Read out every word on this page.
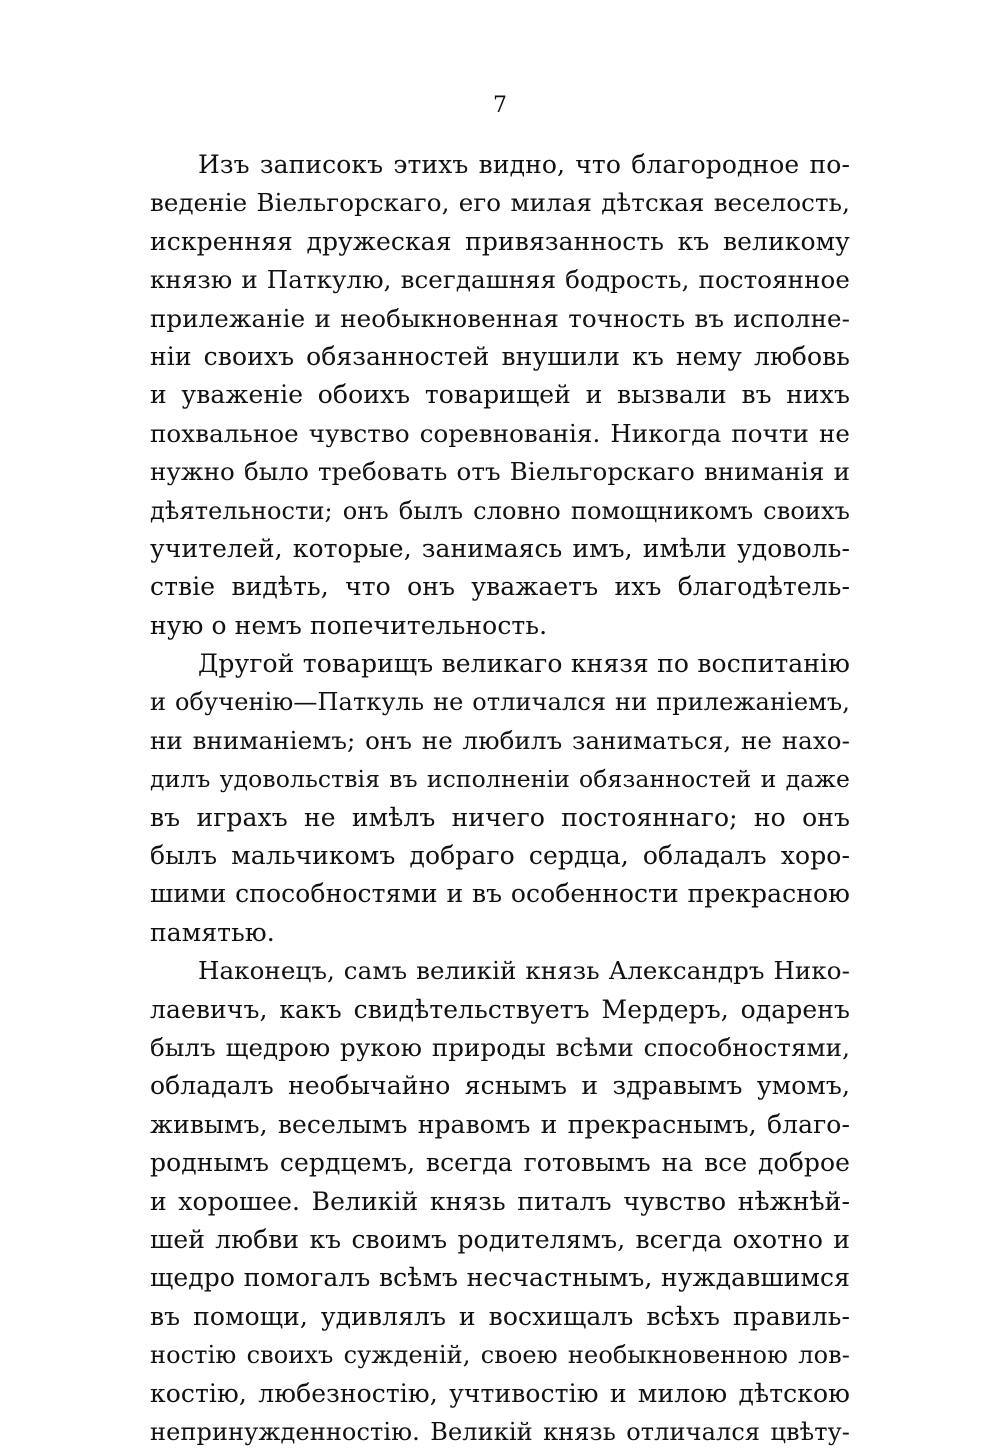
7
Изъ записокъ этихъ видно, что благородное по-
веденіе Віельгорскаго, его милая дѣтская веселость,
искренняя дружеская привязанность къ великому
князю и Паткулю, всегдашняя бодрость, постоянное
прилежаніе и необыкновенная точность въ исполне-
ніи своихъ обязанностей внушили къ нему любовь
и уваженіе обоихъ товарищей и вызвали въ нихъ
похвальное чувство соревнованія. Никогда почти не
нужно было требовать отъ Віельгорскаго вниманія и
дѣятельности; онъ былъ словно помощникомъ своихъ
учителей, которые, занимаясь имъ, имѣли удоволь-
ствіе видѣть, что онъ уважаетъ ихъ благодѣтель-
ную о немъ попечительность.
Другой товарищъ великаго князя по воспитанію
и обученію—Паткуль не отличался ни прилежаніемъ,
ни вниманіемъ; онъ не любилъ заниматься, не нахо-
дилъ удовольствія въ исполненіи обязанностей и даже
въ играхъ не имѣлъ ничего постояннаго; но онъ
былъ мальчикомъ добраго сердца, обладалъ хоро-
шими способностями и въ особенности прекрасною
памятью.
Наконецъ, самъ великій князь Александръ Нико-
лаевичъ, какъ свидѣтельствуетъ Мердеръ, одаренъ
былъ щедрою рукою природы всѣми способностями,
обладалъ необычайно яснымъ и здравымъ умомъ,
живымъ, веселымъ нравомъ и прекраснымъ, благо-
роднымъ сердцемъ, всегда готовымъ на все доброе
и хорошее. Великій князь питалъ чувство нѣжнѣй-
шей любви къ своимъ родителямъ, всегда охотно и
щедро помогалъ всѣмъ несчастнымъ, нуждавшимся
въ помощи, удивлялъ и восхищалъ всѣхъ правиль-
ностію своихъ сужденій, своею необыкновенною лов-
костію, любезностію, учтивостію и милою дѣтскою
непринужденностію. Великій князь отличался цвѣту-
